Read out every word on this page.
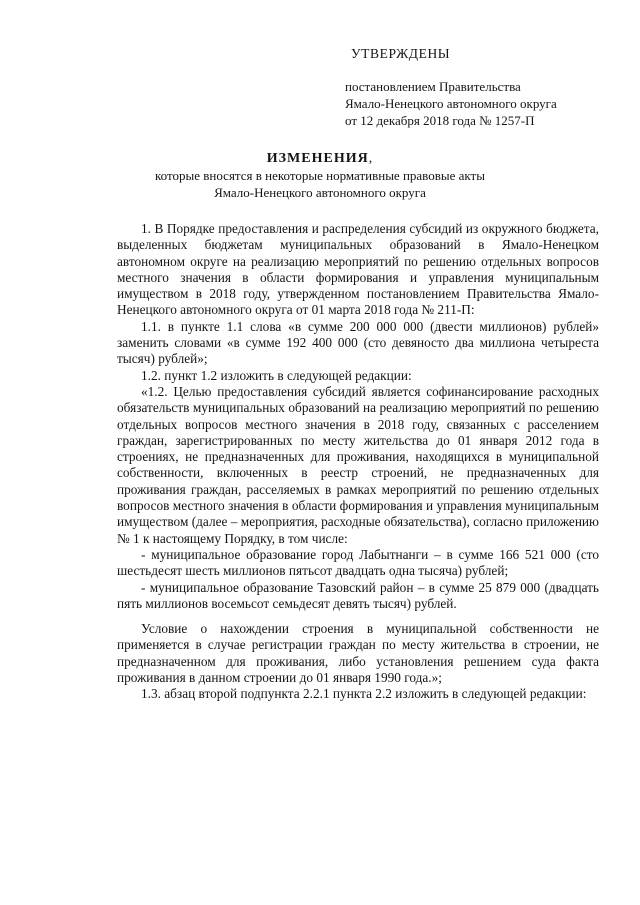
УТВЕРЖДЕНЫ
постановлением Правительства
Ямало-Ненецкого автономного округа
от 12 декабря 2018 года № 1257-П
ИЗМЕНЕНИЯ,
которые вносятся в некоторые нормативные правовые акты
Ямало-Ненецкого автономного округа

1. В Порядке предоставления и распределения субсидий из окружного бюджета, выделенных бюджетам муниципальных образований в Ямало-Ненецком автономном округе на реализацию мероприятий по решению отдельных вопросов местного значения в области формирования и управления муниципальным имуществом в 2018 году, утвержденном постановлением Правительства Ямало-Ненецкого автономного округа от 01 марта 2018 года № 211-П:

1.1. в пункте 1.1 слова «в сумме 200 000 000 (двести миллионов) рублей» заменить словами «в сумме 192 400 000 (сто девяносто два миллиона четыреста тысяч) рублей»;

1.2. пункт 1.2 изложить в следующей редакции:

«1.2. Целью предоставления субсидий является софинансирование расходных обязательств муниципальных образований на реализацию мероприятий по решению отдельных вопросов местного значения в 2018 году, связанных с расселением граждан, зарегистрированных по месту жительства до 01 января 2012 года в строениях, не предназначенных для проживания, находящихся в муниципальной собственности, включенных в реестр строений, не предназначенных для проживания граждан, расселяемых в рамках мероприятий по решению отдельных вопросов местного значения в области формирования и управления муниципальным имуществом (далее – мероприятия, расходные обязательства), согласно приложению № 1 к настоящему Порядку, в том числе:

- муниципальное образование город Лабытнанги – в сумме 166 521 000 (сто шестьдесят шесть миллионов пятьсот двадцать одна тысяча) рублей;

- муниципальное образование Тазовский район – в сумме 25 879 000 (двадцать пять миллионов восемьсот семьдесят девять тысяч) рублей.

Условие о нахождении строения в муниципальной собственности не применяется в случае регистрации граждан по месту жительства в строении, не предназначенном для проживания, либо установления решением суда факта проживания в данном строении до 01 января 1990 года.»;

1.3. абзац второй подпункта 2.2.1 пункта 2.2 изложить в следующей редакции:
